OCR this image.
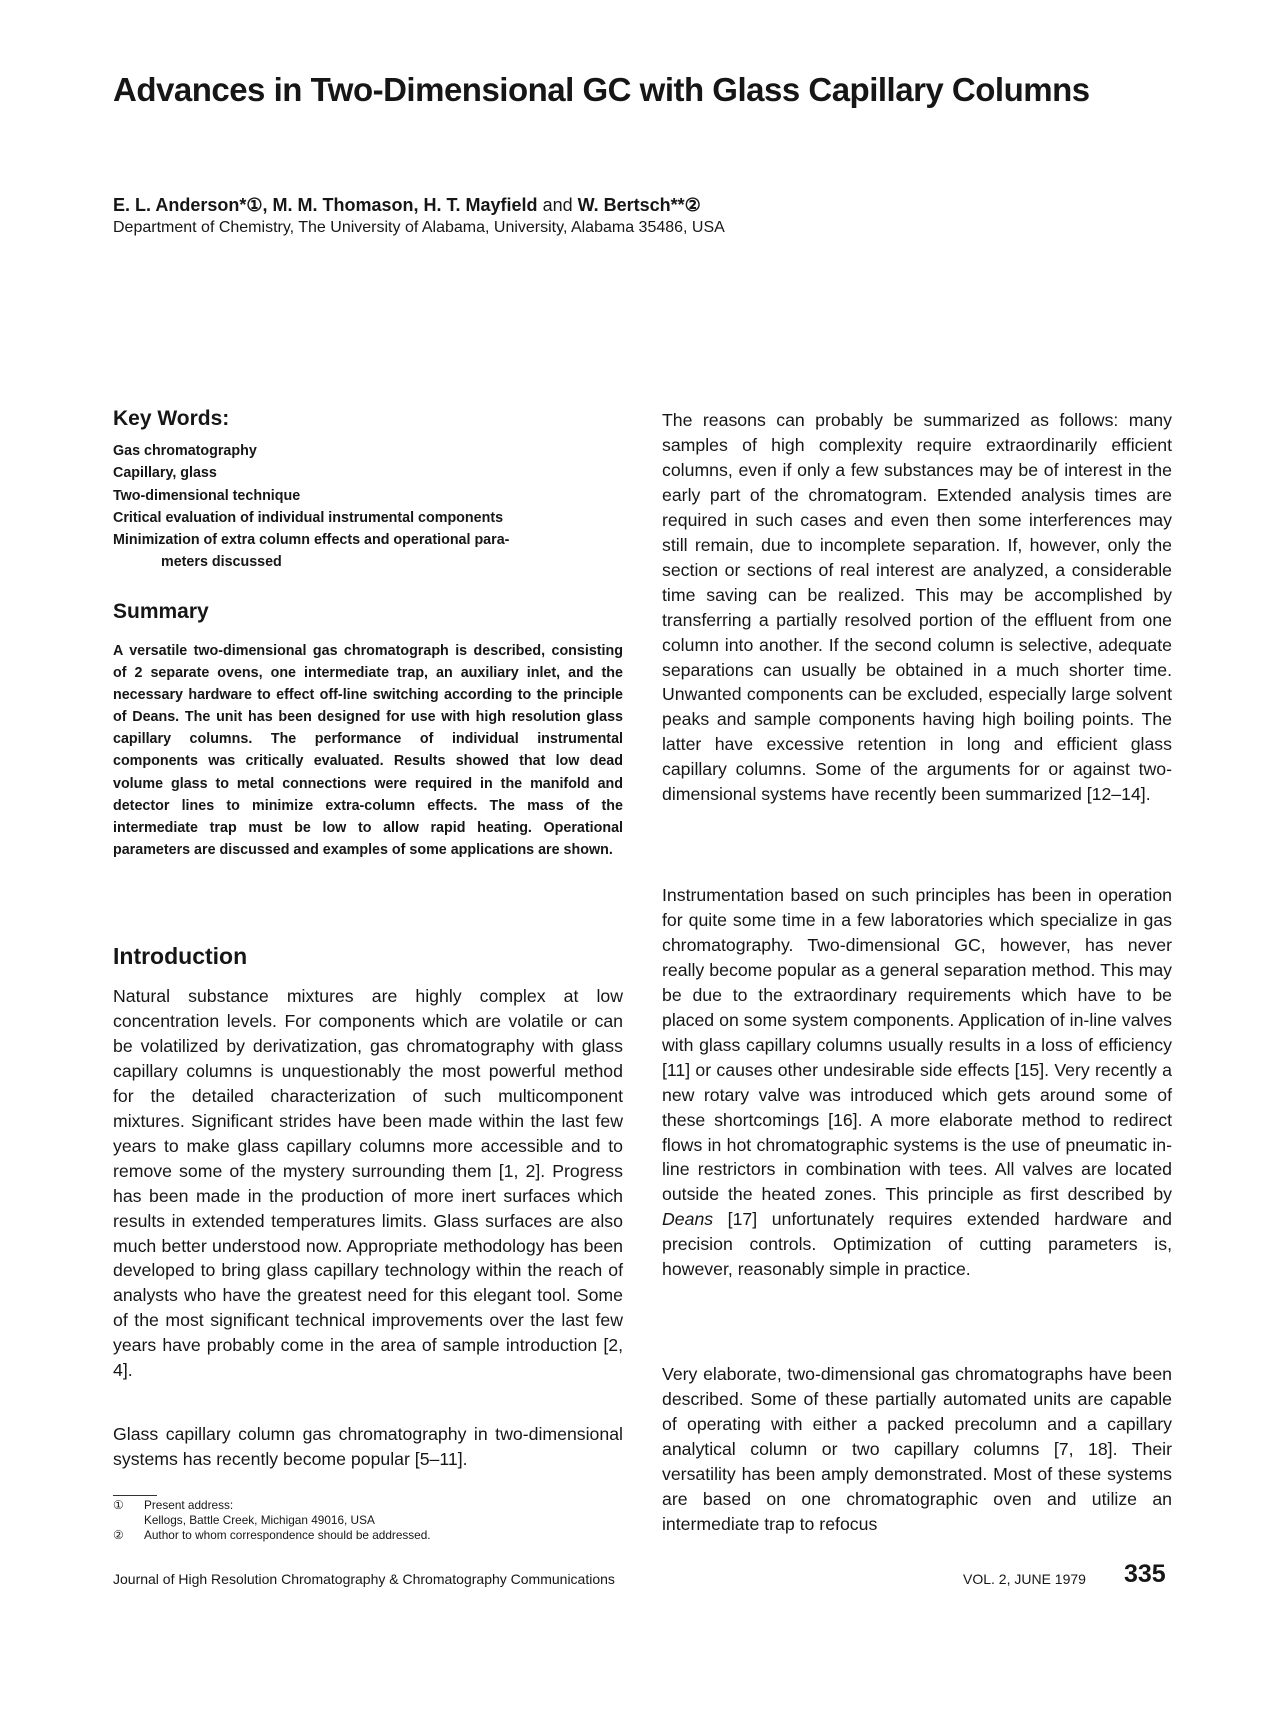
Advances in Two-Dimensional GC with Glass Capillary Columns
E. L. Anderson*①, M. M. Thomason, H. T. Mayfield and W. Bertsch**②
Department of Chemistry, The University of Alabama, University, Alabama 35486, USA
Key Words:
Gas chromatography
Capillary, glass
Two-dimensional technique
Critical evaluation of individual instrumental components
Minimization of extra column effects and operational para-
meters discussed
Summary
A versatile two-dimensional gas chromatograph is described, consisting of 2 separate ovens, one intermediate trap, an auxiliary inlet, and the necessary hardware to effect off-line switching according to the principle of Deans. The unit has been designed for use with high resolution glass capillary columns. The performance of individual instrumental components was critically evaluated. Results showed that low dead volume glass to metal connections were required in the manifold and detector lines to minimize extra-column effects. The mass of the intermediate trap must be low to allow rapid heating. Operational parameters are discussed and examples of some applications are shown.
Introduction
Natural substance mixtures are highly complex at low concentration levels. For components which are volatile or can be volatilized by derivatization, gas chromatography with glass capillary columns is unquestionably the most powerful method for the detailed characterization of such multicomponent mixtures. Significant strides have been made within the last few years to make glass capillary columns more accessible and to remove some of the mystery surrounding them [1, 2]. Progress has been made in the production of more inert surfaces which results in extended temperatures limits. Glass surfaces are also much better understood now. Appropriate methodology has been developed to bring glass capillary technology within the reach of analysts who have the greatest need for this elegant tool. Some of the most significant technical improvements over the last few years have probably come in the area of sample introduction [2, 4].
Glass capillary column gas chromatography in two-dimensional systems has recently become popular [5–11].
①	Present address:
Kellogs, Battle Creek, Michigan 49016, USA
②	Author to whom correspondence should be addressed.
The reasons can probably be summarized as follows: many samples of high complexity require extraordinarily efficient columns, even if only a few substances may be of interest in the early part of the chromatogram. Extended analysis times are required in such cases and even then some interferences may still remain, due to incomplete separation. If, however, only the section or sections of real interest are analyzed, a considerable time saving can be realized. This may be accomplished by transferring a partially resolved portion of the effluent from one column into another. If the second column is selective, adequate separations can usually be obtained in a much shorter time. Unwanted components can be excluded, especially large solvent peaks and sample components having high boiling points. The latter have excessive retention in long and efficient glass capillary columns. Some of the arguments for or against two-dimensional systems have recently been summarized [12–14].
Instrumentation based on such principles has been in operation for quite some time in a few laboratories which specialize in gas chromatography. Two-dimensional GC, however, has never really become popular as a general separation method. This may be due to the extraordinary requirements which have to be placed on some system components. Application of in-line valves with glass capillary columns usually results in a loss of efficiency [11] or causes other undesirable side effects [15]. Very recently a new rotary valve was introduced which gets around some of these shortcomings [16]. A more elaborate method to redirect flows in hot chromatographic systems is the use of pneumatic in-line restrictors in combination with tees. All valves are located outside the heated zones. This principle as first described by Deans [17] unfortunately requires extended hardware and precision controls. Optimization of cutting parameters is, however, reasonably simple in practice.
Very elaborate, two-dimensional gas chromatographs have been described. Some of these partially automated units are capable of operating with either a packed precolumn and a capillary analytical column or two capillary columns [7, 18]. Their versatility has been amply demonstrated. Most of these systems are based on one chromatographic oven and utilize an intermediate trap to refocus
Journal of High Resolution Chromatography & Chromatography Communications	VOL. 2, JUNE 1979 335
